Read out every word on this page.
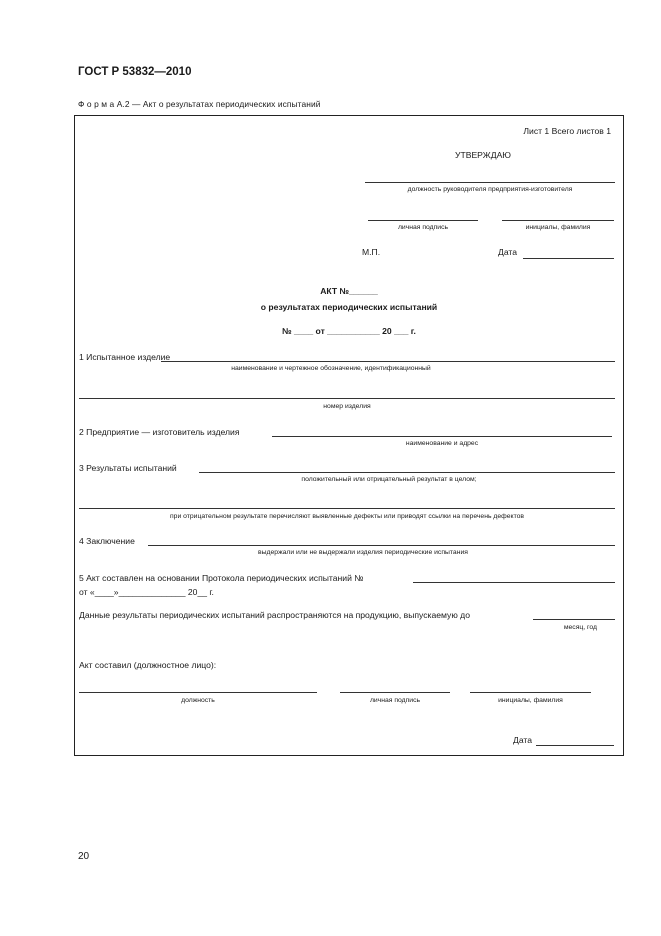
ГОСТ Р 53832—2010
Ф о р м а А.2 — Акт о результатах периодических испытаний
Лист 1 Всего листов 1
УТВЕРЖДАЮ
должность руководителя предприятия-изготовителя
личная подпись	инициалы, фамилия
М.П.	Дата
АКТ №______
о результатах периодических испытаний
№ ____ от ___________ 20 ___ г.
1 Испытанное изделие
наименование и чертежное обозначение, идентификационный
номер изделия
2 Предприятие — изготовитель изделия
наименование и адрес
3 Результаты испытаний
положительный или отрицательный результат в целом;
при отрицательном результате перечисляют выявленные дефекты или приводят ссылки на перечень дефектов
4 Заключение
выдержали или не выдержали изделия периодические испытания
5 Акт составлен на основании Протокола периодических испытаний №
от «____»______________ 20__ г.
Данные результаты периодических испытаний распространяются на продукцию, выпускаемую до
месяц, год
Акт составил (должностное лицо):
должность	личная подпись	инициалы, фамилия
Дата
20
